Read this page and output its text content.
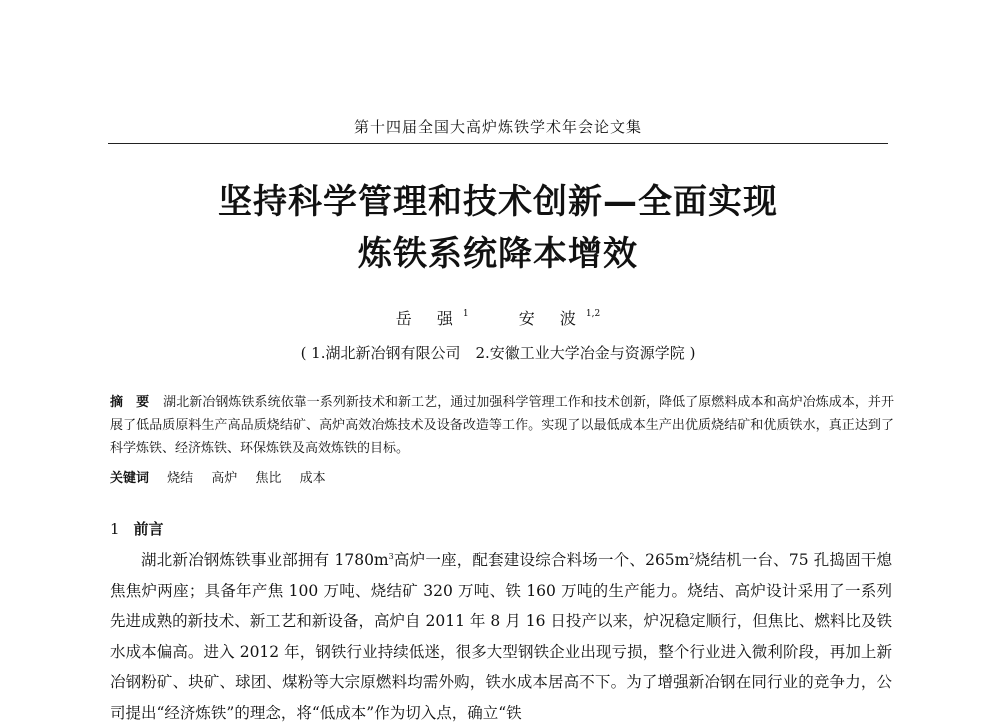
第十四届全国大高炉炼铁学术年会论文集
坚持科学管理和技术创新—全面实现
炼铁系统降本增效
岳 强$^1$	安 波$^{1,2}$
( 1.湖北新冶钢有限公司　2.安徽工业大学冶金与资源学院 )
摘　要 湖北新冶钢炼铁系统依靠一系列新技术和新工艺，通过加强科学管理工作和技术创新，降低了原燃料成本和高炉冶炼成本，并开展了低品质原料生产高品质烧结矿、高炉高效冶炼技术及设备改造等工作。实现了以最低成本生产出优质烧结矿和优质铁水，真正达到了科学炼铁、经济炼铁、环保炼铁及高效炼铁的目标。
关键词 烧结 高炉 焦比 成本
1 前言
湖北新冶钢炼铁事业部拥有 $1780m^3$高炉一座，配套建设综合料场一个、$265m^2$烧结机一台、75 孔捣固干熄焦焦炉两座；具备年产焦 100 万吨、烧结矿 320 万吨、铁 160 万吨的生产能力。烧结、高炉设计采用了一系列先进成熟的新技术、新工艺和新设备，高炉自 2011 年 8 月 16 日投产以来，炉况稳定顺行，但焦比、燃料比及铁水成本偏高。进入 2012 年，钢铁行业持续低迷，很多大型钢铁企业出现亏损，整个行业进入微利阶段，再加上新冶钢粉矿、块矿、球团、煤粉等大宗原燃料均需外购，铁水成本居高不下。为了增强新冶钢在同行业的竞争力，公司提出“经济炼铁”的理念，将“低成本”作为切入点，确立“铁
